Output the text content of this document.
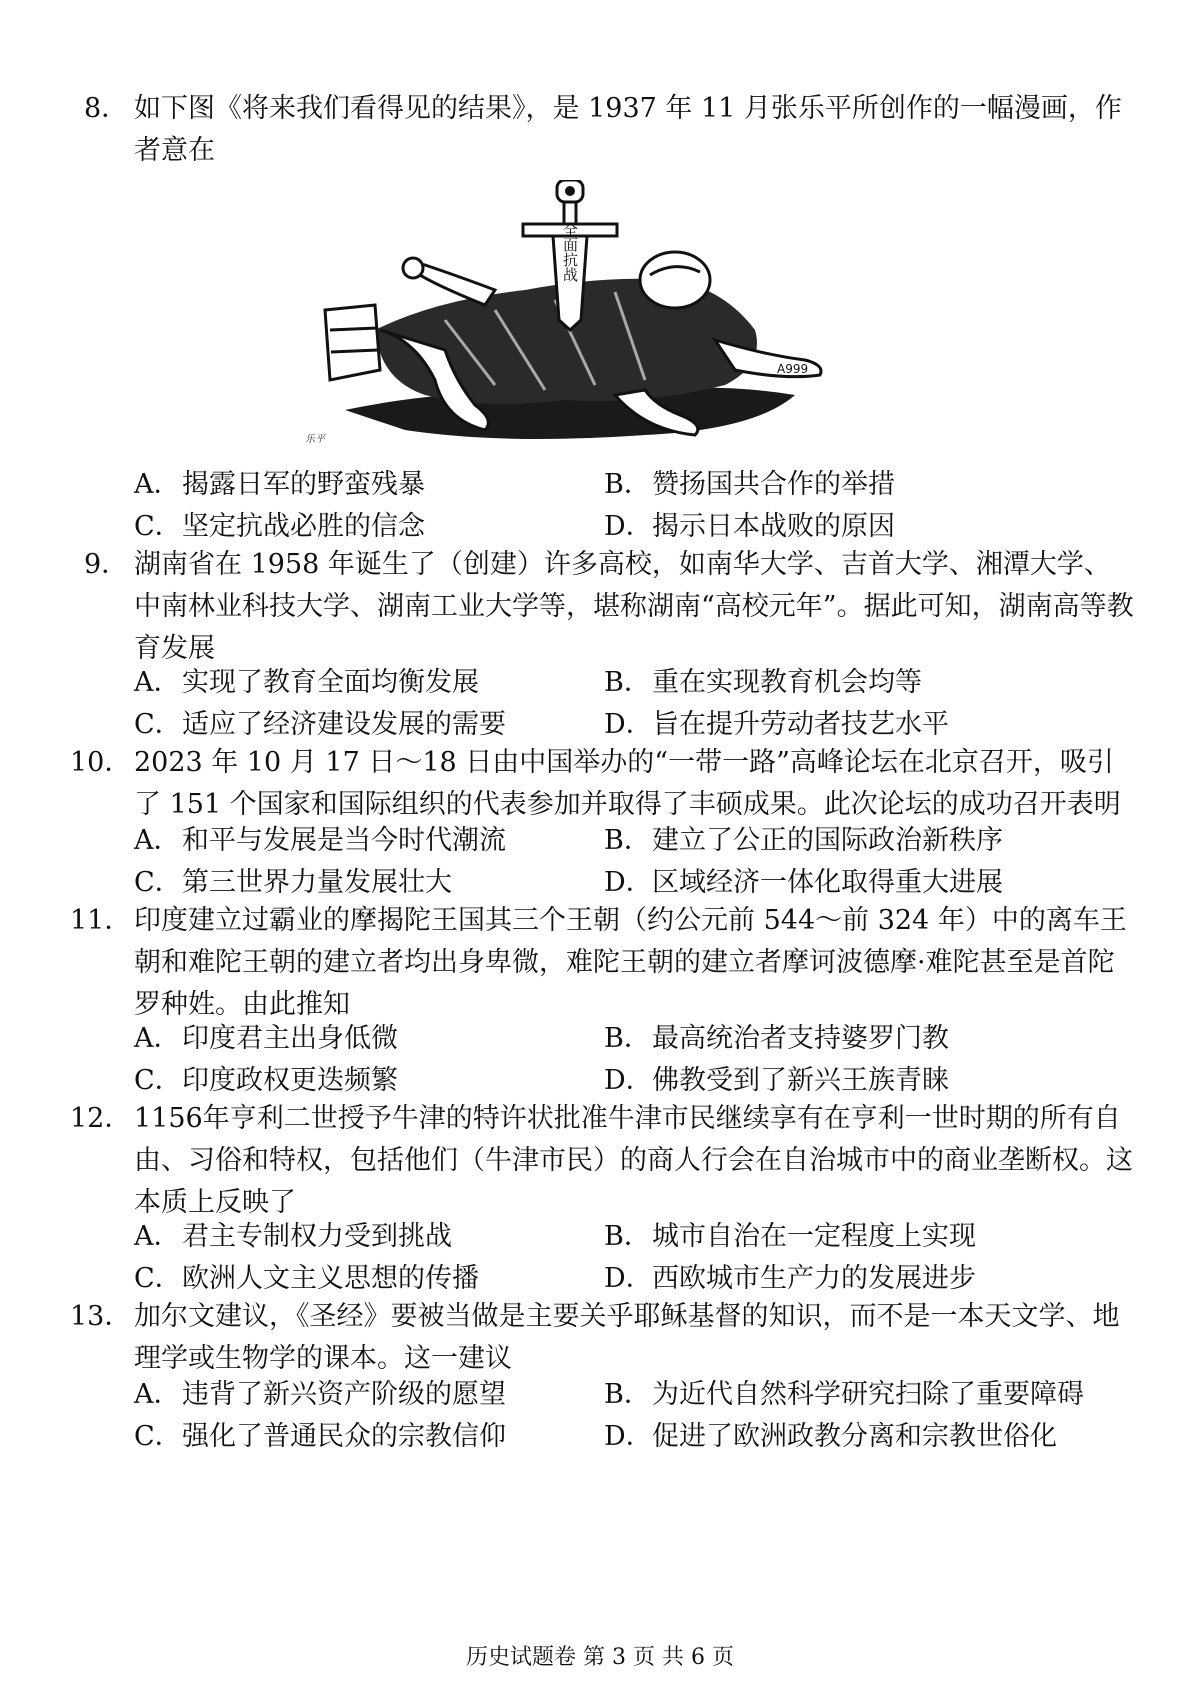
8． 如下图《将来我们看得见的结果》，是 1937 年 11 月张乐平所创作的一幅漫画，作者意在
A999
全面抗战
乐平
A．揭露日军的野蛮残暴	B．赞扬国共合作的举措
C．坚定抗战必胜的信念	D．揭示日本战败的原因
9． 湖南省在 1958 年诞生了（创建）许多高校，如南华大学、吉首大学、湘潭大学、中南林业科技大学、湖南工业大学等，堪称湖南“高校元年”。据此可知，湖南高等教育发展
A．实现了教育全面均衡发展	B．重在实现教育机会均等
C．适应了经济建设发展的需要	D．旨在提升劳动者技艺水平
10． 2023 年 10 月 17 日～18 日由中国举办的“一带一路”高峰论坛在北京召开，吸引了 151 个国家和国际组织的代表参加并取得了丰硕成果。此次论坛的成功召开表明
A．和平与发展是当今时代潮流	B．建立了公正的国际政治新秩序
C．第三世界力量发展壮大	D．区域经济一体化取得重大进展
11． 印度建立过霸业的摩揭陀王国其三个王朝（约公元前 544～前 324 年）中的离车王朝和难陀王朝的建立者均出身卑微，难陀王朝的建立者摩诃波德摩·难陀甚至是首陀罗种姓。由此推知
A．印度君主出身低微	B．最高统治者支持婆罗门教
C．印度政权更迭频繁	D．佛教受到了新兴王族青睐
12． 1156年亨利二世授予牛津的特许状批准牛津市民继续享有在亨利一世时期的所有自由、习俗和特权，包括他们（牛津市民）的商人行会在自治城市中的商业垄断权。这本质上反映了
A．君主专制权力受到挑战	B．城市自治在一定程度上实现
C．欧洲人文主义思想的传播	D．西欧城市生产力的发展进步
13． 加尔文建议，《圣经》要被当做是主要关乎耶稣基督的知识，而不是一本天文学、地理学或生物学的课本。这一建议
A．违背了新兴资产阶级的愿望	B．为近代自然科学研究扫除了重要障碍
C．强化了普通民众的宗教信仰	D．促进了欧洲政教分离和宗教世俗化
历史试题卷 第 3 页 共 6 页
